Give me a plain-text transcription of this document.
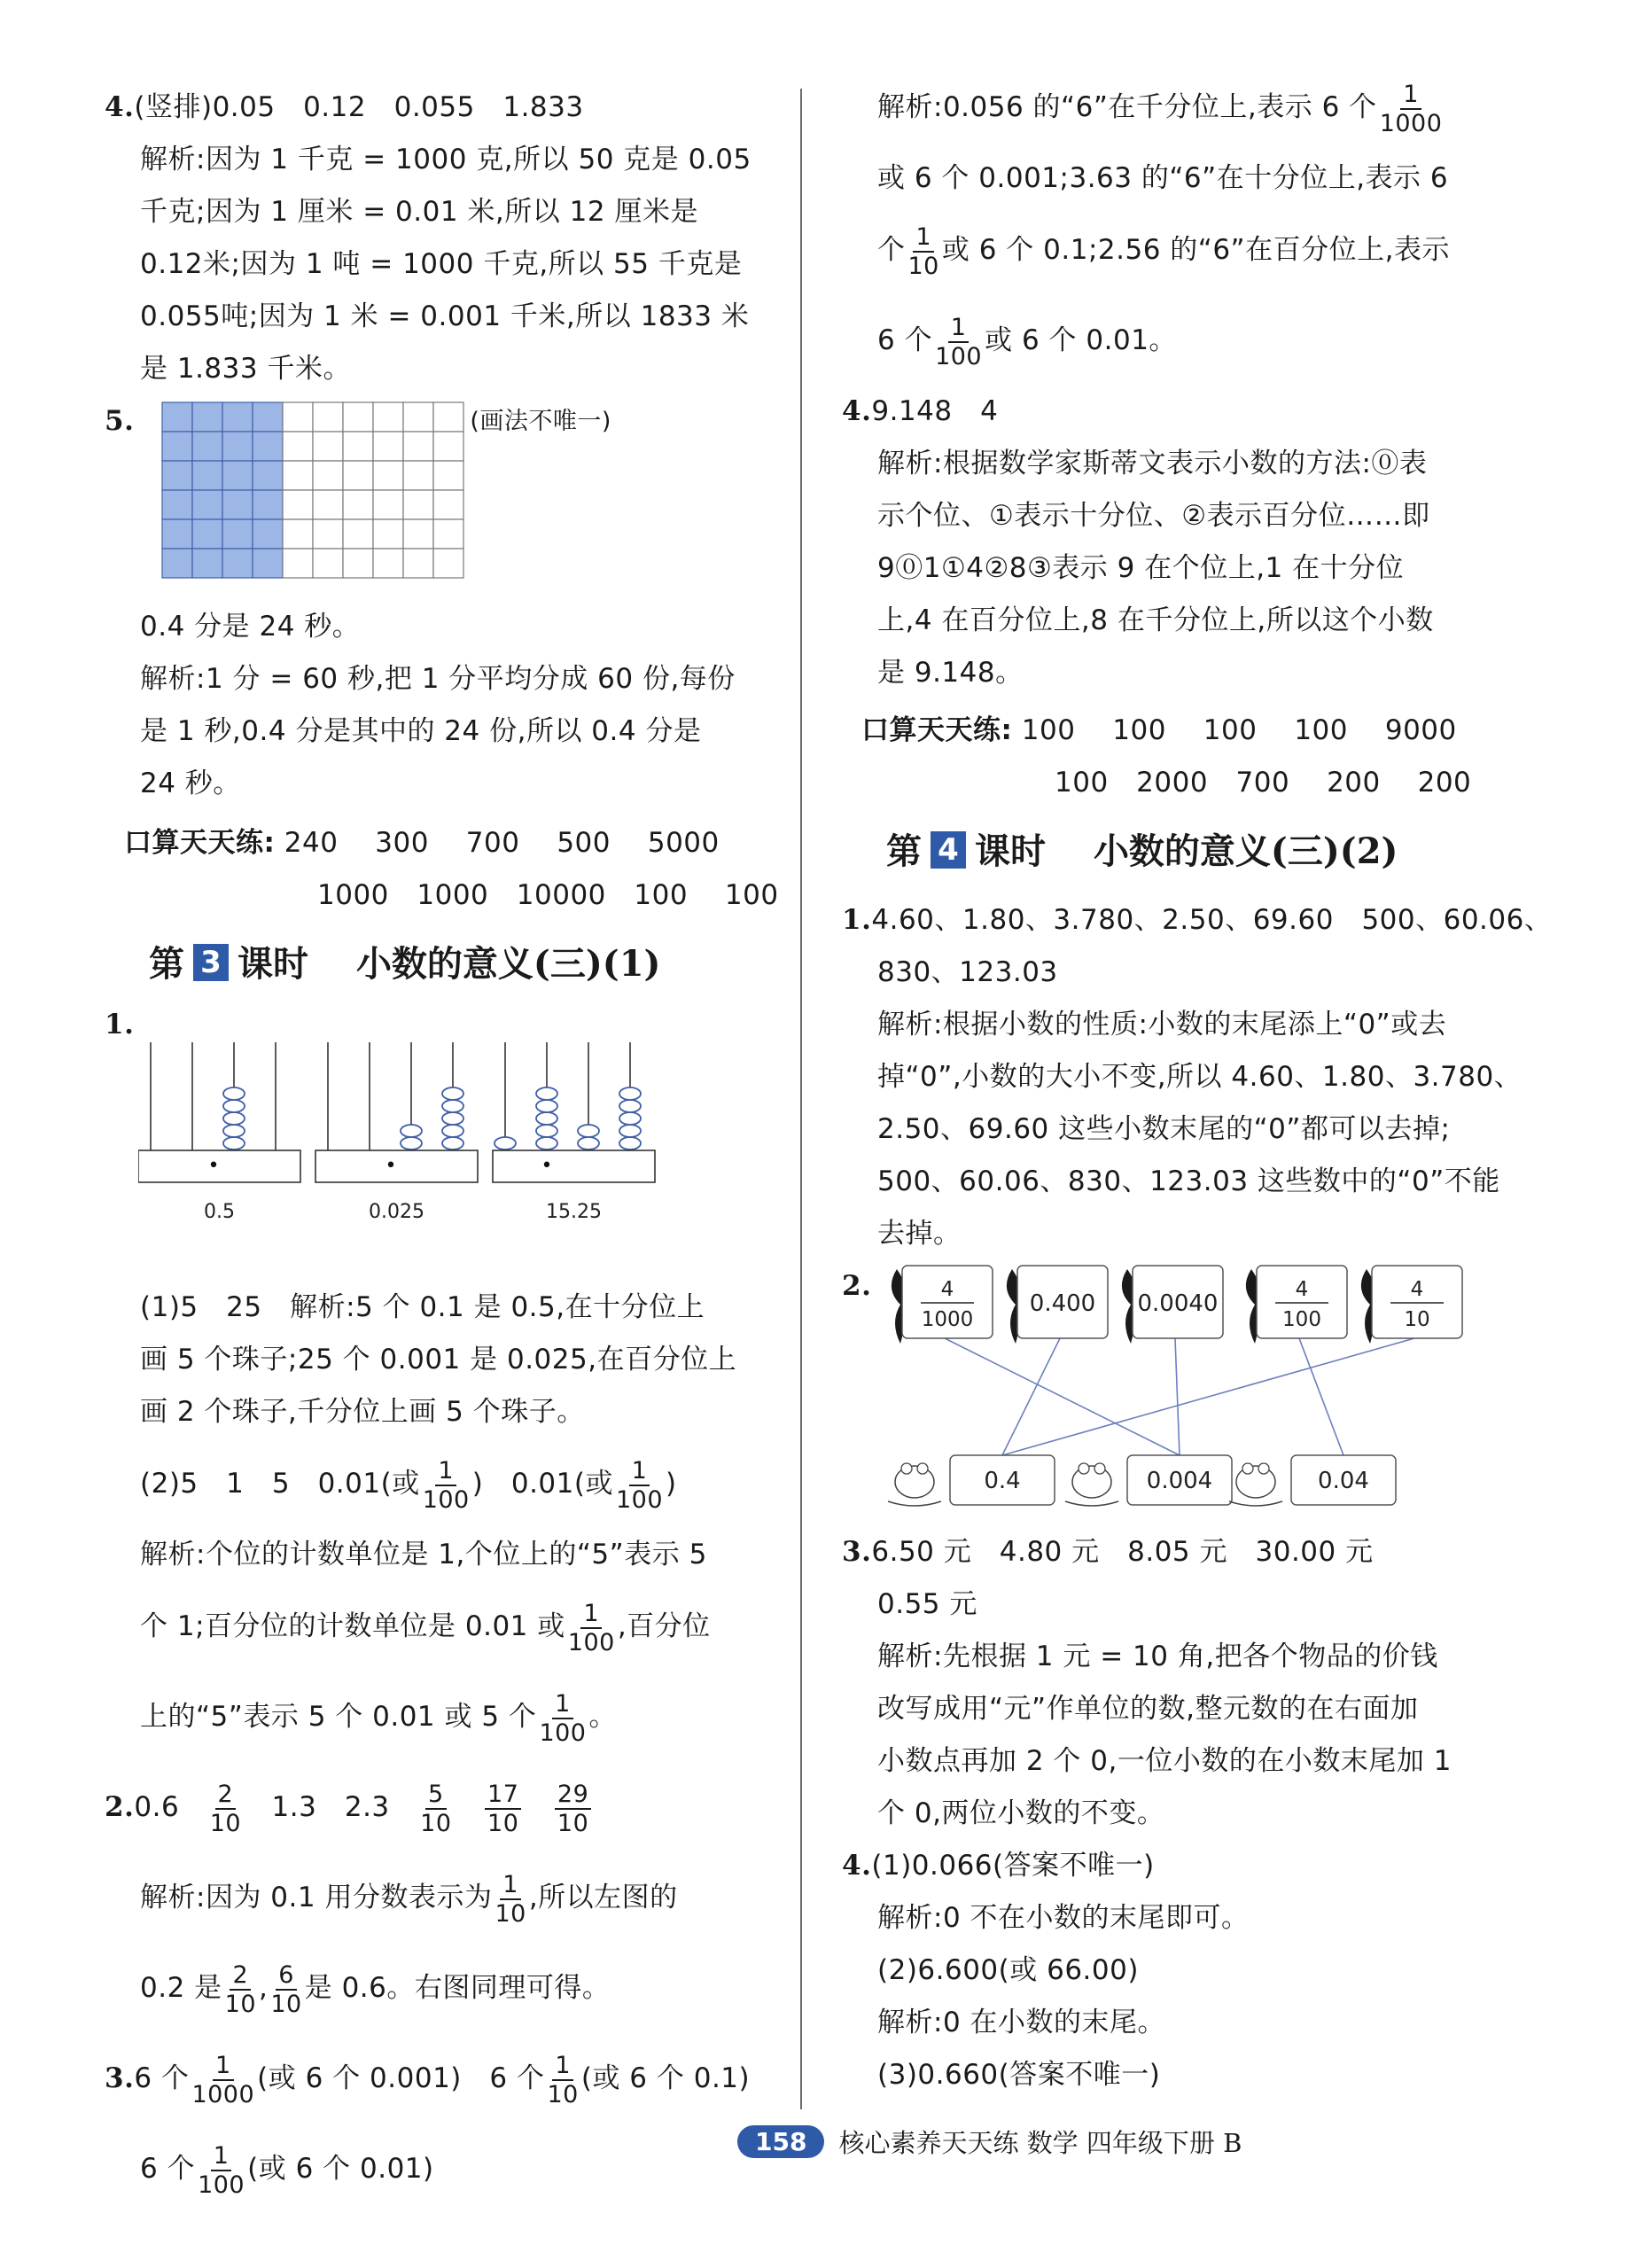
4.(竖排)0.05　0.12　0.055　1.833
解析:因为 1 千克 = 1000 克,所以 50 克是 0.05
千克;因为 1 厘米 = 0.01 米,所以 12 厘米是
0.12米;因为 1 吨 = 1000 千克,所以 55 千克是
0.055吨;因为 1 米 = 0.001 千米,所以 1833 米
是 1.833 千米。
5.	(画法不唯一)
0.4 分是 24 秒。
解析:1 分 = 60 秒,把 1 分平均分成 60 份,每份
是 1 秒,0.4 分是其中的 24 份,所以 0.4 分是
24 秒。
口算天天练: 240　 300　 700　 500　 5000
1000　1000　10000　100　 100
第 3 课时　 小数的意义(三)(1)
1.
•
0.5
•
0.025
•
15.25
(1)5　25　解析:5 个 0.1 是 0.5,在十分位上
画 5 个珠子;25 个 0.001 是 0.025,在百分位上
画 2 个珠子,千分位上画 5 个珠子。
(2)5　1　5　0.01(或 $\frac{1}{100}$ )　0.01(或 $\frac{1}{100}$ )
解析:个位的计数单位是 1,个位上的“5”表示 5
个 1;百分位的计数单位是 0.01 或 $\frac{1}{100}$ ,百分位
上的“5”表示 5 个 0.01 或 5 个 $\frac{1}{100}$ 。
2.0.6　 $\frac{2}{10}$
　 1.3　 2.3　 $\frac{5}{10}$
　 $\frac{17}{10}$
　 $\frac{29}{10}$
解析:因为 0.1 用分数表示为 $\frac{1}{10}$ ,所以左图的
0.2 是 $\frac{2}{10}$ , $\frac{6}{10}$ 是 0.6。右图同理可得。
3.6 个 $\frac{1}{1000}$ (或 6 个 0.001)　6 个 $\frac{1}{10}$ (或 6 个 0.1)
6 个 $\frac{1}{100}$ (或 6 个 0.01)
解析:0.056 的“6”在千分位上,表示 6 个 $\frac{1}{1000}$
或 6 个 0.001;3.63 的“6”在十分位上,表示 6
个 $\frac{1}{10}$ 或 6 个 0.1;2.56 的“6”在百分位上,表示
6 个 $\frac{1}{100}$ 或 6 个 0.01。
4.9.148　4
解析:根据数学家斯蒂文表示小数的方法:⓪表
示个位、①表示十分位、②表示百分位……即
9⓪1①4②8③表示 9 在个位上,1 在十分位
上,4 在百分位上,8 在千分位上,所以这个小数
是 9.148。
口算天天练: 100　 100　 100　 100　 9000
100　2000　700　 200　 200
第 4 课时　 小数的意义(三)(2)
1.4.60、1.80、3.780、2.50、69.60　500、60.06、
830、123.03
解析:根据小数的性质:小数的末尾添上“0”或去
掉“0”,小数的大小不变,所以 4.60、1.80、3.780、
2.50、69.60 这些小数末尾的“0”都可以去掉;
500、60.06、830、123.03 这些数中的“0”不能
去掉。
2.	4
1000
0.400 0.0040
4
100
4
10
0.4	0.004	0.04
3.6.50 元　4.80 元　8.05 元　30.00 元
0.55 元
解析:先根据 1 元 = 10 角,把各个物品的价钱
改写成用“元”作单位的数,整元数的在右面加
小数点再加 2 个 0,一位小数的在小数末尾加 1
个 0,两位小数的不变。
4.(1)0.066(答案不唯一)
解析:0 不在小数的末尾即可。
(2)6.600(或 66.00)
解析:0 在小数的末尾。
(3)0.660(答案不唯一)
158	核心素养天天练 数学 四年级下册 B
